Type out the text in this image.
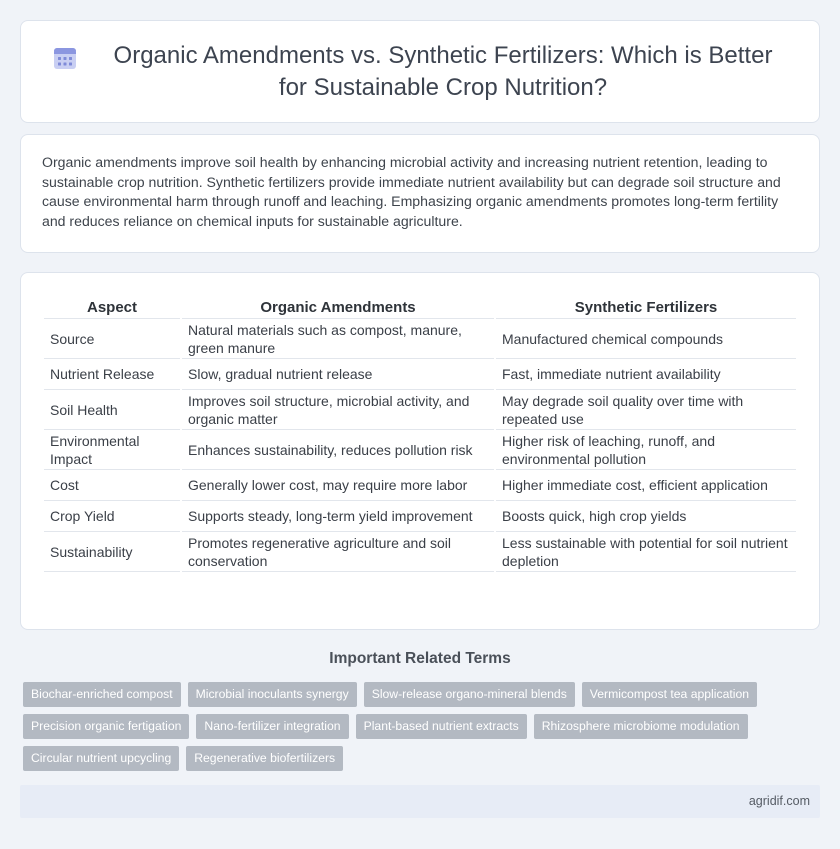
Organic Amendments vs. Synthetic Fertilizers: Which is Better for Sustainable Crop Nutrition?

Organic amendments improve soil health by enhancing microbial activity and increasing nutrient retention, leading to sustainable crop nutrition. Synthetic fertilizers provide immediate nutrient availability but can degrade soil structure and cause environmental harm through runoff and leaching. Emphasizing organic amendments promotes long-term fertility and reduces reliance on chemical inputs for sustainable agriculture.

Aspect	Organic Amendments	Synthetic Fertilizers
Source	Natural materials such as compost, manure, green manure	Manufactured chemical compounds
Nutrient Release	Slow, gradual nutrient release	Fast, immediate nutrient availability
Soil Health	Improves soil structure, microbial activity, and organic matter	May degrade soil quality over time with repeated use
Environmental Impact	Enhances sustainability, reduces pollution risk	Higher risk of leaching, runoff, and environmental pollution
Cost	Generally lower cost, may require more labor	Higher immediate cost, efficient application
Crop Yield	Supports steady, long-term yield improvement	Boosts quick, high crop yields
Sustainability	Promotes regenerative agriculture and soil conservation	Less sustainable with potential for soil nutrient depletion
Important Related Terms
Biochar-enriched compost	Microbial inoculants synergy	Slow-release organo-mineral blends	Vermicompost tea application
Precision organic fertigation	Nano-fertilizer integration	Plant-based nutrient extracts	Rhizosphere microbiome modulation
Circular nutrient upcycling	Regenerative biofertilizers
agridif.com
